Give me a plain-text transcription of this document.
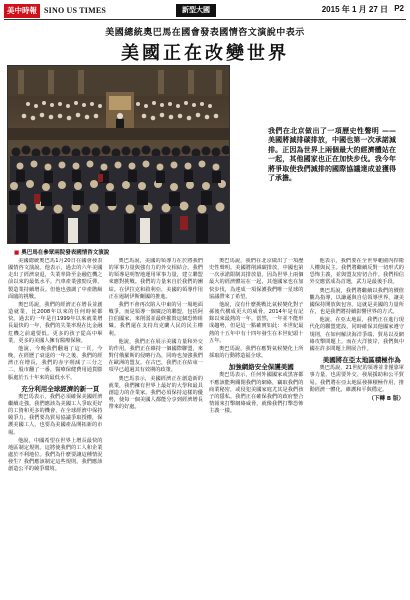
美中時報 SINO US TIMES	新型大國	2015 年 1 月 27 日 P2
美國總統奧巴馬在國會發表國情咨文演說中表示
美國正在改變世界
我們在北京做出了一項歷史性聲明 —— 美國將減排碳排放，中國也第一次承諾減排。正因為世界上兩個最大的經濟體站在一起，其他國家也正在加快步伐。我今年將爭取使我們減排的國際協議達成並獲得了承擔。
■ 奧巴馬在參眾兩院發表國情咨文演說

美國總統奧巴馬1月20日在國會發表國情咨文演說。他表示，過去的六年美國走出了經濟衰退，失業率降至金融危機之前以來的最低水平。汽車產業強勁反彈，製造業持續增長。但他也強調了中產階級面臨的挑戰。

奧巴馬說，我們的經濟正在增長並創造就業，比2008年以來的任何時候都快。過去的一年是自1999年以來就業增長最快的一年，我們的失業率現在比金融危機之前還要低。更多的孩子從高中畢業，更多的美國人擁有醫療保險。

他說，今晚我們翻過了這一頁。今晚，在經歷了衰退的一年之後，我們的經濟正在增長，我們的赤字削減了三分之二，股市翻了一番，醫療保健費用通貨膨脹處於五十年來的最低水平。

充分利用全球經濟的新一頁

奧巴馬表示，我們必須確保美國經濟繼續走強。我們應該為美國工人爭取更好的工資和更多的機會，在全球經濟中保持競爭力。我們要為貿易協議爭取授權，保護美國工人，也要為美國產品開拓新的市場。

他說，中國希望在世界上增長最快的地區制定規則。這將使我們的工人和企業處於不利地位。我們為什麼要讓這種情況發生？我們應該制定這些規則。我們應該創造公平的競爭環境。

奧巴馬說，美國的領導力在於將我們的軍事力量與強有力的外交相結合。我們的領導是明智地運用軍事力量，建立聯盟來應對挑戰。我們的力量來自於我們的團結。在伊拉克和敘利亞，美國的領導作用正在遏制伊斯蘭國的推進。

我們不會再次陷入中東的另一場地面戰爭，而是領導一個廣泛的聯盟，包括阿拉伯國家，來削弱並最終摧毀這個恐怖組織。我們還在支持烏克蘭人民的民主權利。

他說，我們正在展示美國力量和外交的作用。我們正在維持一個國際聯盟，來對付俄羅斯的侵略行為，同時也加強我們在歐洲的盟友。在古巴，我們正在結束一項早已超過其有效期的政策。

奧巴馬表示，美國經濟正在創造新的就業，我們擁有世界上最好的大學和最具創造力的企業家。我們必須保持這樣的優勢，使每一個美國人都能分享到經濟增長帶來的好處。

奧巴馬說，我們在北京做出了一項歷史性聲明。美國將削減碳排放，中國也第一次承諾限制其排放量。因為世界上兩個最大的經濟體站在一起，其他國家也在加快步伐，為達成一項保護我們唯一星球的協議帶來了希望。

他說，沒有什麼挑戰比氣候變化對子孫後代構成更大的威脅。2014年是有記錄以來最熱的一年。當然，一年並不能形成趨勢，但是這一點確實如此：本世紀最熱的十五年中有十四年發生在本世紀頭十五年。

奧巴馬說，我們在應對氣候變化上所採取的行動將造福全球。

加強網絡安全保護美國

奧巴馬表示，任何外國國家或黑客都不應該能夠關閉我們的網絡，竊取我們的商業秘密，或侵犯美國家庭尤其是我們孩子的隱私。我們正在確保我們的政府整合情報來打擊網絡威脅，就像我們打擊恐怖主義一樣。

他表示，我們要在全世界範圍內捍衛人權與民主。我們將繼續反對一切形式的恐怖主義，並與盟友密切合作。我們相信外交應當成為首選，武力是最後手段。

奧巴馬說，我們將繼續以我們的價值觀為指導，以謙遜與自信領導世界，讓美國保持開放與包容。這就是美國的力量所在，也是我們將持續影響世界的方式。

他說，在亞太地區，我們正在進行現代化的聯盟建設，同時確保其他國家遵守規則，在如何解決海洋爭端、貿易以及網絡攻擊問題上。而在大洋彼岸，我們與中國在許多問題上開展合作。

美國將在亞太地區積極作為

奧巴馬說，21世紀的領導並非僅靠軍事力量，也需要外交、發展援助和公平貿易。我們將在亞太地區發揮積極作用，推動經濟一體化，維護和平與穩定。

（下轉 B 版）
